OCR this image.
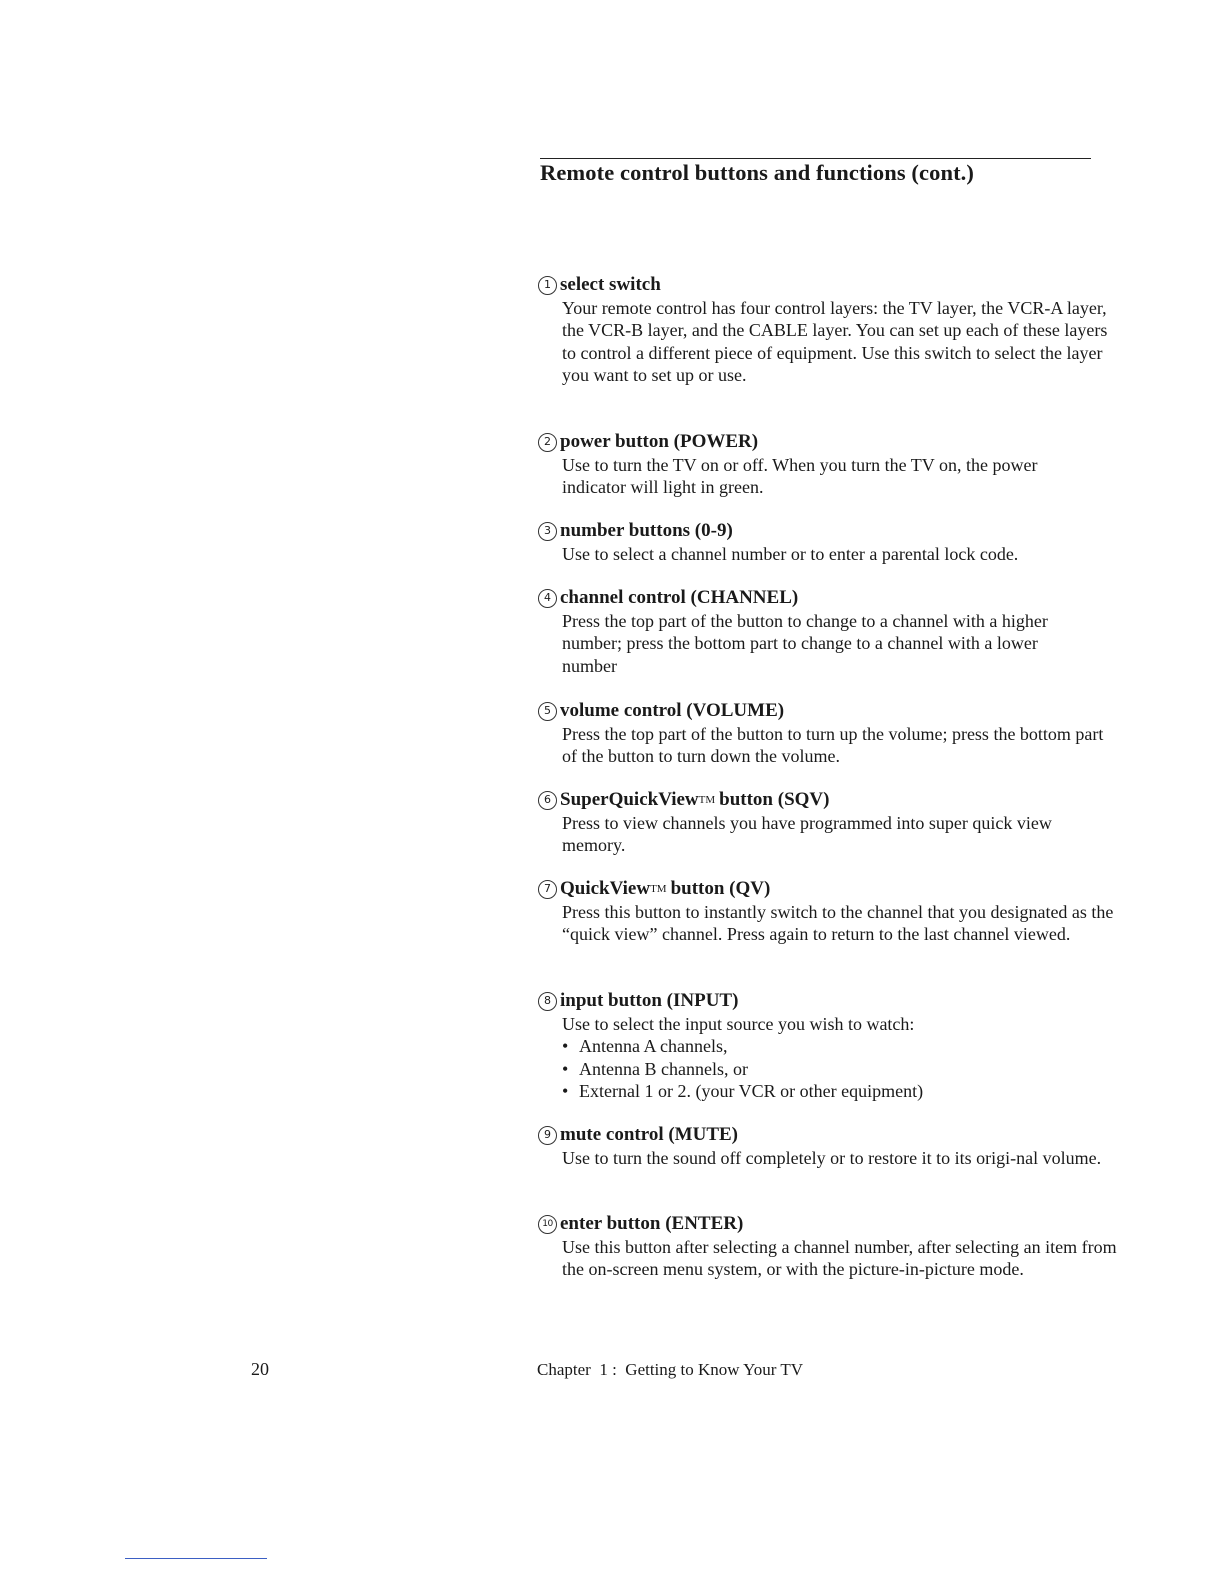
Remote control buttons and functions (cont.)
1 select switch
Your remote control has four control layers: the TV layer, the VCR-A layer, the VCR-B layer, and the CABLE layer. You can set up each of these layers to control a different piece of equipment. Use this switch to select the layer you want to set up or use.
2 power button (POWER)
Use to turn the TV on or off. When you turn the TV on, the power indicator will light in green.
3 number buttons (0-9)
Use to select a channel number or to enter a parental lock code.
4 channel control (CHANNEL)
Press the top part of the button to change to a channel with a higher number; press the bottom part to change to a channel with a lower number
5 volume control (VOLUME)
Press the top part of the button to turn up the volume; press the bottom part of the button to turn down the volume.
6 SuperQuickView TM button (SQV)
Press to view channels you have programmed into super quick view memory.
7 QuickView TM button (QV)
Press this button to instantly switch to the channel that you designated as the “quick view” channel. Press again to return to the last channel viewed.
8 input button (INPUT)
Use to select the input source you wish to watch:
• Antenna A channels,
• Antenna B channels, or
• External 1 or 2. (your VCR or other equipment)
9 mute control (MUTE)
Use to turn the sound off completely or to restore it to its origi-nal volume.
10 enter button (ENTER)
Use this button after selecting a channel number, after selecting an item from the on-screen menu system, or with the picture-in-picture mode.
20	Chapter  1 :  Getting to Know Your TV
